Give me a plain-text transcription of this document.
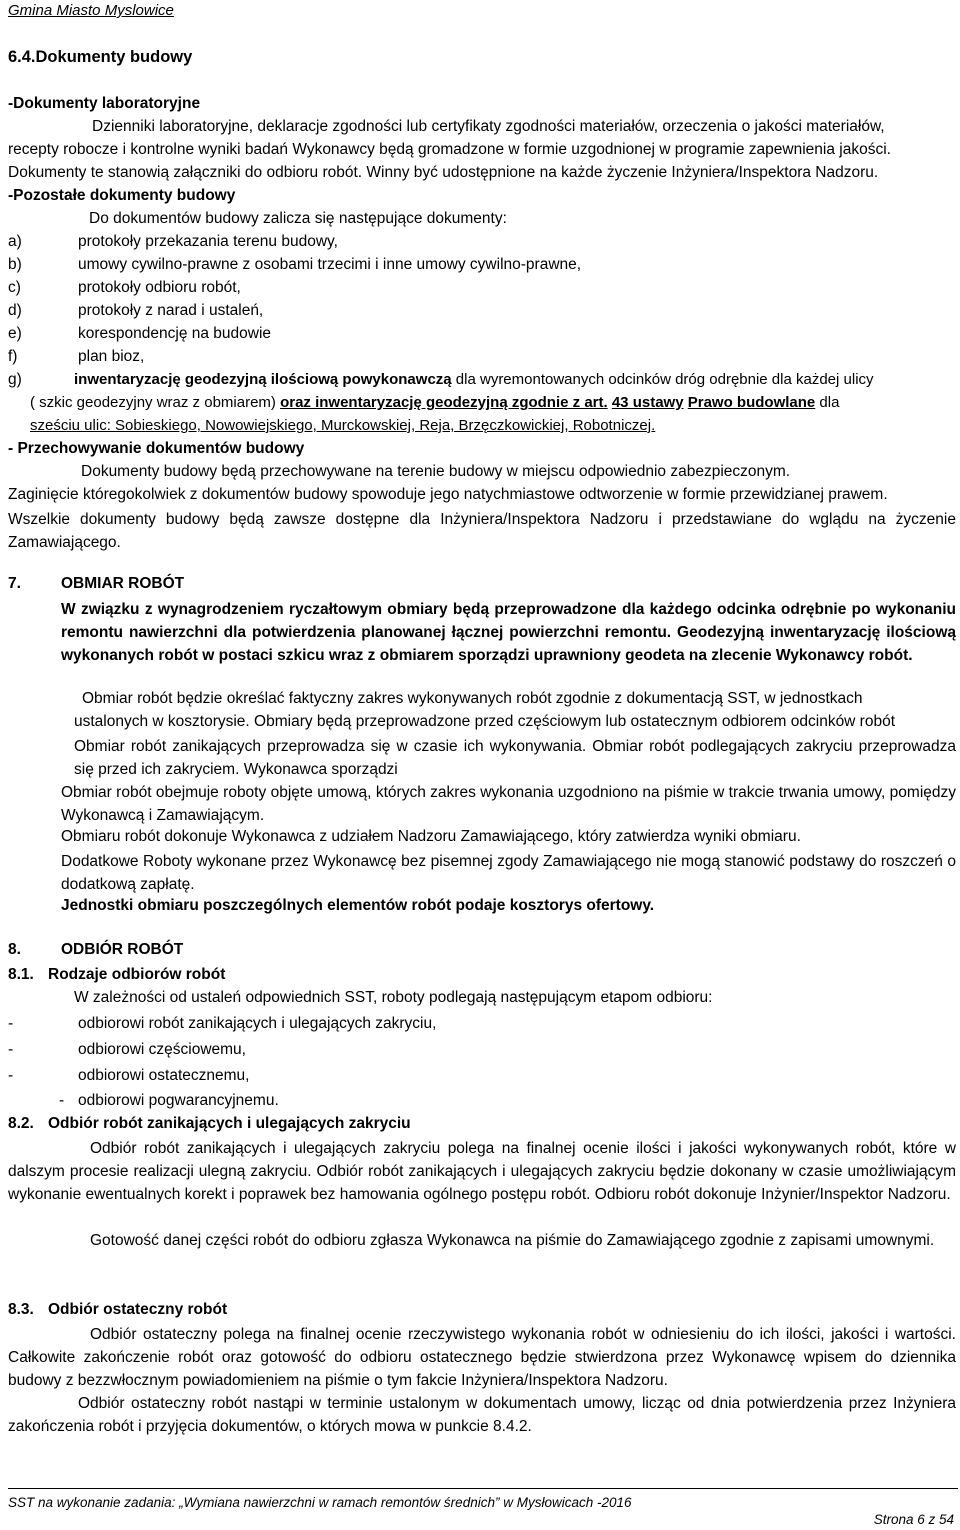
Gmina Miasto Myslowice
6.4.Dokumenty budowy
-Dokumenty laboratoryjne
Dzienniki laboratoryjne, deklaracje zgodności lub certyfikaty zgodności materiałów, orzeczenia o jakości materiałów,
recepty robocze i kontrolne wyniki badań Wykonawcy będą gromadzone w formie uzgodnionej w programie zapewnienia jakości.
Dokumenty te stanowią załączniki do odbioru robót. Winny być udostępnione na każde życzenie Inżyniera/Inspektora Nadzoru.
-Pozostałe dokumenty budowy
Do dokumentów budowy zalicza się następujące dokumenty:
a)	protokoły przekazania terenu budowy,
b)	umowy cywilno-prawne z osobami trzecimi i inne umowy cywilno-prawne,
c)	protokoły odbioru robót,
d)	protokoły z narad i ustaleń,
e)	korespondencję na budowie
f)	plan bioz,
g)	inwentaryzację geodezyjną ilościową powykonawczą dla wyremontowanych odcinków dróg odrębnie dla każdej ulicy
( szkic geodezyjny wraz z obmiarem) oraz inwentaryzację geodezyjną zgodnie z art. 43 ustawy Prawo budowlane dla
sześciu ulic: Sobieskiego, Nowowiejskiego, Murckowskiej, Reja, Brzęczkowickiej, Robotniczej.
- Przechowywanie dokumentów budowy
Dokumenty budowy będą przechowywane na terenie budowy w miejscu odpowiednio zabezpieczonym.
Zaginięcie któregokolwiek z dokumentów budowy spowoduje jego natychmiastowe odtworzenie w formie przewidzianej prawem.
Wszelkie dokumenty budowy będą zawsze dostępne dla Inżyniera/Inspektora Nadzoru i przedstawiane do wglądu na życzenie Zamawiającego.
7.	OBMIAR ROBÓT
W związku z wynagrodzeniem ryczałtowym obmiary będą przeprowadzone dla każdego odcinka odrębnie po wykonaniu remontu nawierzchni dla potwierdzenia planowanej łącznej powierzchni remontu. Geodezyjną inwentaryzację ilościową wykonanych robót w postaci szkicu wraz z obmiarem sporządzi uprawniony geodeta na zlecenie Wykonawcy robót.
Obmiar robót będzie określać faktyczny zakres wykonywanych robót zgodnie z dokumentacją SST, w jednostkach
ustalonych w kosztorysie. Obmiary będą przeprowadzone przed częściowym lub ostatecznym odbiorem odcinków robót
Obmiar robót zanikających przeprowadza się w czasie ich wykonywania. Obmiar robót podlegających zakryciu przeprowadza się przed ich zakryciem. Wykonawca sporządzi
Obmiar robót obejmuje roboty objęte umową, których zakres wykonania uzgodniono na piśmie w trakcie trwania umowy, pomiędzy Wykonawcą i Zamawiającym.
Obmiaru robót dokonuje Wykonawca z udziałem Nadzoru Zamawiającego, który zatwierdza wyniki obmiaru.
Dodatkowe Roboty wykonane przez Wykonawcę bez pisemnej zgody Zamawiającego nie mogą stanowić podstawy do roszczeń o dodatkową zapłatę.
Jednostki obmiaru poszczególnych elementów robót podaje kosztorys ofertowy.
8.	ODBIÓR ROBÓT
8.1. Rodzaje odbiorów robót
W zależności od ustaleń odpowiednich SST, roboty podlegają następującym etapom odbioru:
-	odbiorowi robót zanikających i ulegających zakryciu,
-	odbiorowi częściowemu,
-	odbiorowi ostatecznemu,
- odbiorowi pogwarancyjnemu.
8.2. Odbiór robót zanikających i ulegających zakryciu
Odbiór robót zanikających i ulegających zakryciu polega na finalnej ocenie ilości i jakości wykonywanych robót, które w dalszym procesie realizacji ulegną zakryciu. Odbiór robót zanikających i ulegających zakryciu będzie dokonany w czasie umożliwiającym wykonanie ewentualnych korekt i poprawek bez hamowania ogólnego postępu robót. Odbioru robót dokonuje Inżynier/Inspektor Nadzoru.
Gotowość danej części robót do odbioru zgłasza Wykonawca na piśmie do Zamawiającego zgodnie z zapisami umownymi.
8.3. Odbiór ostateczny robót
Odbiór ostateczny polega na finalnej ocenie rzeczywistego wykonania robót w odniesieniu do ich ilości, jakości i wartości. Całkowite zakończenie robót oraz gotowość do odbioru ostatecznego będzie stwierdzona przez Wykonawcę wpisem do dziennika budowy z bezzwłocznym powiadomieniem na piśmie o tym fakcie Inżyniera/Inspektora Nadzoru.
Odbiór ostateczny robót nastąpi w terminie ustalonym w dokumentach umowy, licząc od dnia potwierdzenia przez Inżyniera zakończenia robót i przyjęcia dokumentów, o których mowa w punkcie 8.4.2.
SST na wykonanie zadania: „Wymiana nawierzchni w ramach remontów średnich” w Mysłowicach -2016
Strona 6 z 54
